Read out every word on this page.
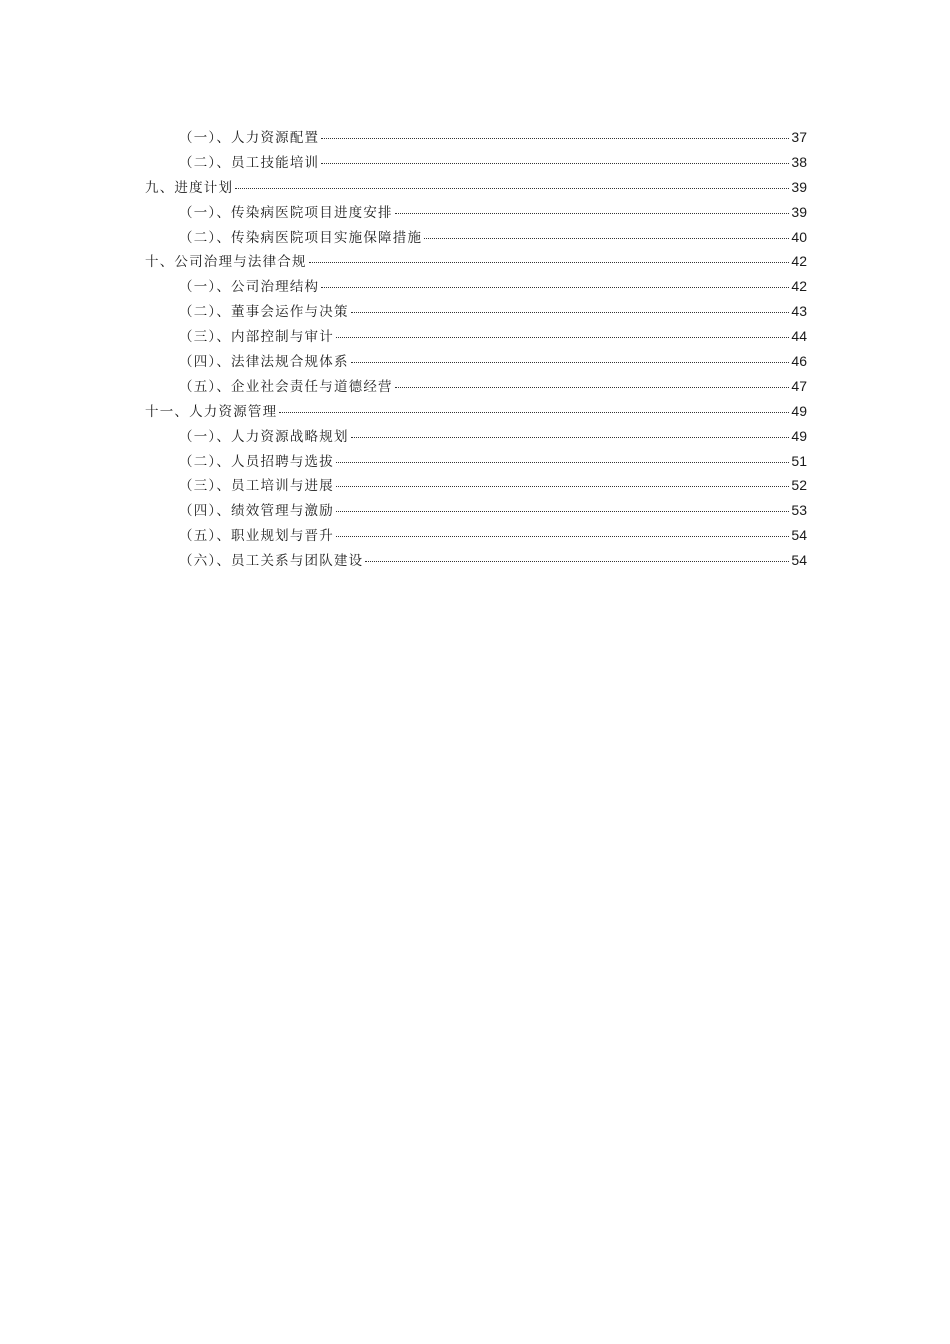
（一）、人力资源配置	37
（二）、员工技能培训	38
九、进度计划	39
（一）、传染病医院项目进度安排	39
（二）、传染病医院项目实施保障措施	40
十、公司治理与法律合规	42
（一）、公司治理结构	42
（二）、董事会运作与决策	43
（三）、内部控制与审计	44
（四）、法律法规合规体系	46
（五）、企业社会责任与道德经营	47
十一、人力资源管理	49
（一）、人力资源战略规划	49
（二）、人员招聘与选拔	51
（三）、员工培训与进展	52
（四）、绩效管理与激励	53
（五）、职业规划与晋升	54
（六）、员工关系与团队建设	54
